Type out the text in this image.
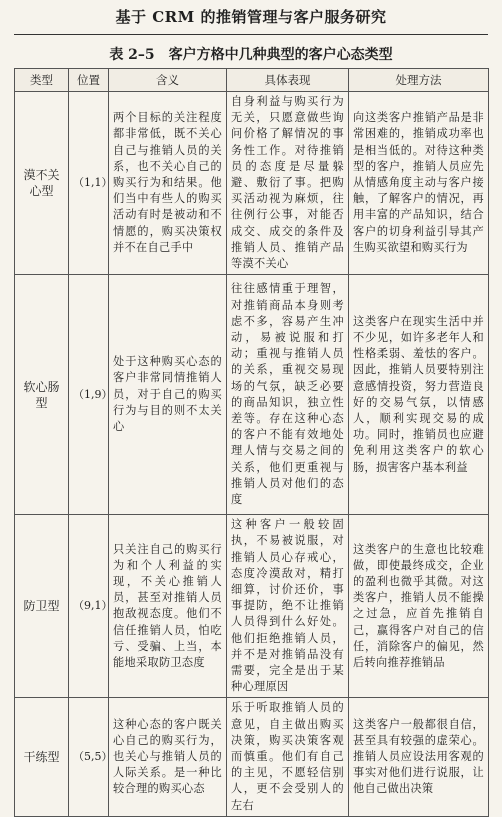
基于 CRM 的推销管理与客户服务研究
表 2–5　客户方格中几种典型的客户心态类型
类型	位置	含义	具体表现	处理方法
漠不关心型	（1,1）	两个目标的关注程度都非常低，既不关心自己与推销人员的关系，也不关心自己的购买行为和结果。他们当中有些人的购买活动有时是被动和不情愿的，购买决策权并不在自己手中	自身利益与购买行为无关，只愿意做些询问价格了解情况的事务性工作。对待推销员的态度是尽量躲避、敷衍了事。把购买活动视为麻烦，往往例行公事，对能否成交、成交的条件及推销人员、推销产品等漠不关心	向这类客户推销产品是非常困难的，推销成功率也是相当低的。对待这种类型的客户，推销人员应先从情感角度主动与客户接触，了解客户的情况，再用丰富的产品知识，结合客户的切身利益引导其产生购买欲望和购买行为
软心肠型	（1,9）	处于这种购买心态的客户非常同情推销人员，对于自己的购买行为与目的则不太关心	往往感情重于理智，对推销商品本身则考虑不多，容易产生冲动，易被说服和打动；重视与推销人员的关系，重视交易现场的气氛，缺乏必要的商品知识，独立性差等。存在这种心态的客户不能有效地处理人情与交易之间的关系，他们更重视与推销人员对他们的态度	这类客户在现实生活中并不少见，如许多老年人和性格柔弱、羞怯的客户。因此，推销人员要特别注意感情投资，努力营造良好的交易气氛，以情感人，顺利实现交易的成功。同时，推销员也应避免利用这类客户的软心肠，损害客户基本利益
防卫型	（9,1）	只关注自己的购买行为和个人利益的实现，不关心推销人员，甚至对推销人员抱敌视态度。他们不信任推销人员，怕吃亏、受骗、上当，本能地采取防卫态度	这种客户一般较固执，不易被说服，对推销人员心存戒心，态度冷漠敌对，精打细算，讨价还价，事事提防，绝不让推销人员得到什么好处。他们拒绝推销人员，并不是对推销品没有需要，完全是出于某种心理原因	这类客户的生意也比较难做，即使最终成交，企业的盈利也微乎其微。对这类客户，推销人员不能操之过急，应首先推销自己，赢得客户对自己的信任，消除客户的偏见，然后转向推荐推销品
干练型	（5,5）	这种心态的客户既关心自己的购买行为，也关心与推销人员的人际关系。是一种比较合理的购买心态	乐于听取推销人员的意见，自主做出购买决策，购买决策客观而慎重。他们有自己的主见，不愿轻信别人，更不会受别人的左右	这类客户一般都很自信，甚至具有较强的虚荣心。推销人员应设法用客观的事实对他们进行说服，让他自己做出决策
